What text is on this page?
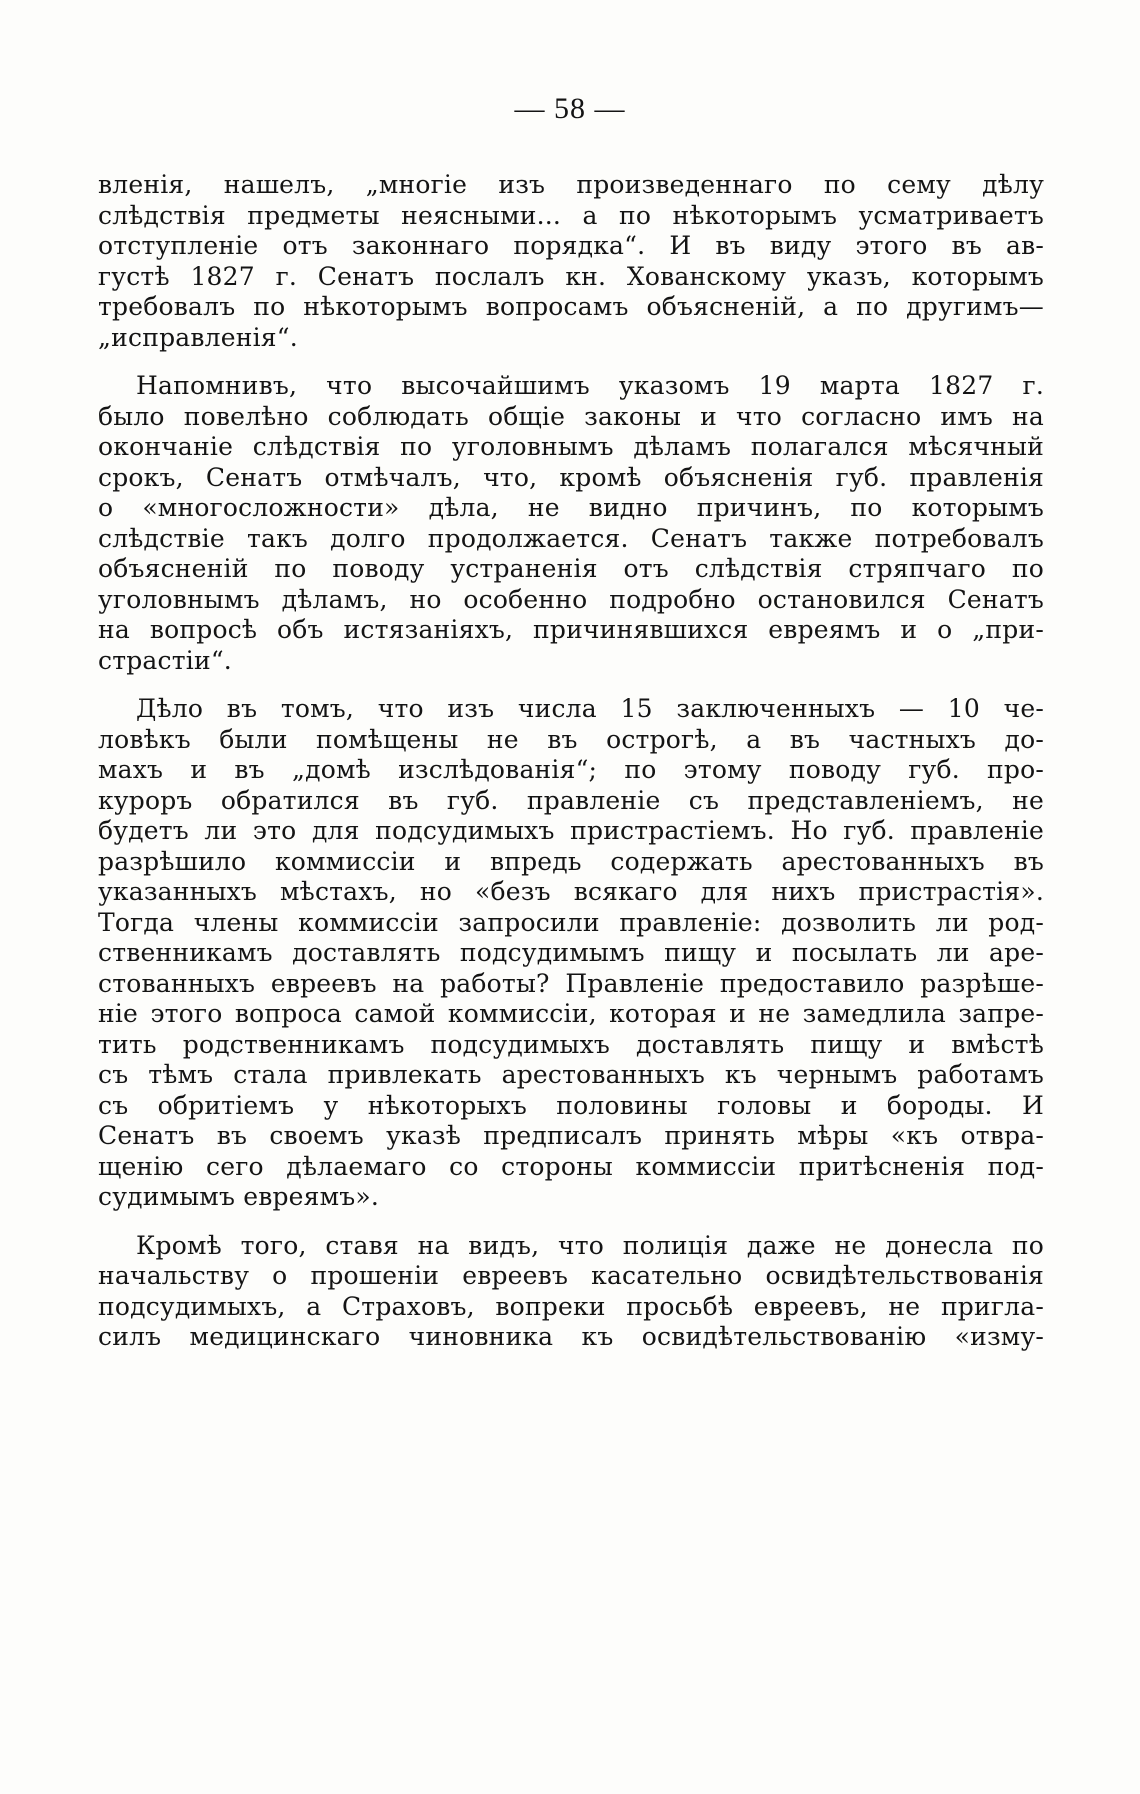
— 58 —
вленія, нашелъ, „многіе изъ произведеннаго по сему дѣлу
слѣдствія предметы неясными... а по нѣкоторымъ усматриваетъ
отступленіе отъ законнаго порядка“. И въ виду этого въ ав-
густѣ 1827 г. Сенатъ послалъ кн. Хованскому указъ, которымъ
требовалъ по нѣкоторымъ вопросамъ объясненій, а по другимъ—
„исправленія“.
Напомнивъ, что высочайшимъ указомъ 19 марта 1827 г.
было повелѣно соблюдать общіе законы и что согласно имъ на
окончаніе слѣдствія по уголовнымъ дѣламъ полагался мѣсячный
срокъ, Сенатъ отмѣчалъ, что, кромѣ объясненія губ. правленія
о «многосложности» дѣла, не видно причинъ, по которымъ
слѣдствіе такъ долго продолжается. Сенатъ также потребовалъ
объясненій по поводу устраненія отъ слѣдствія стряпчаго по
уголовнымъ дѣламъ, но особенно подробно остановился Сенатъ
на вопросѣ объ истязаніяхъ, причинявшихся евреямъ и о „при-
страстіи“.
Дѣло въ томъ, что изъ числа 15 заключенныхъ — 10 че-
ловѣкъ были помѣщены не въ острогѣ, а въ частныхъ до-
махъ и въ „домѣ изслѣдованія“; по этому поводу губ. про-
куроръ обратился въ губ. правленіе съ представленіемъ, не
будетъ ли это для подсудимыхъ пристрастіемъ. Но губ. правленіе
разрѣшило коммиссіи и впредь содержать арестованныхъ въ
указанныхъ мѣстахъ, но «безъ всякаго для нихъ пристрастія».
Тогда члены коммиссіи запросили правленіе: дозволить ли род-
ственникамъ доставлять подсудимымъ пищу и посылать ли аре-
стованныхъ евреевъ на работы? Правленіе предоставило разрѣше-
ніе этого вопроса самой коммиссіи, которая и не замедлила запре-
тить родственникамъ подсудимыхъ доставлять пищу и вмѣстѣ
съ тѣмъ стала привлекать арестованныхъ къ чернымъ работамъ
съ обритіемъ у нѣкоторыхъ половины головы и бороды. И
Сенатъ въ своемъ указѣ предписалъ принять мѣры «къ отвра-
щенію сего дѣлаемаго со стороны коммиссіи притѣсненія под-
судимымъ евреямъ».
Кромѣ того, ставя на видъ, что полиція даже не донесла по
начальству о прошеніи евреевъ касательно освидѣтельствованія
подсудимыхъ, а Страховъ, вопреки просьбѣ евреевъ, не пригла-
силъ медицинскаго чиновника къ освидѣтельствованію «изму-
